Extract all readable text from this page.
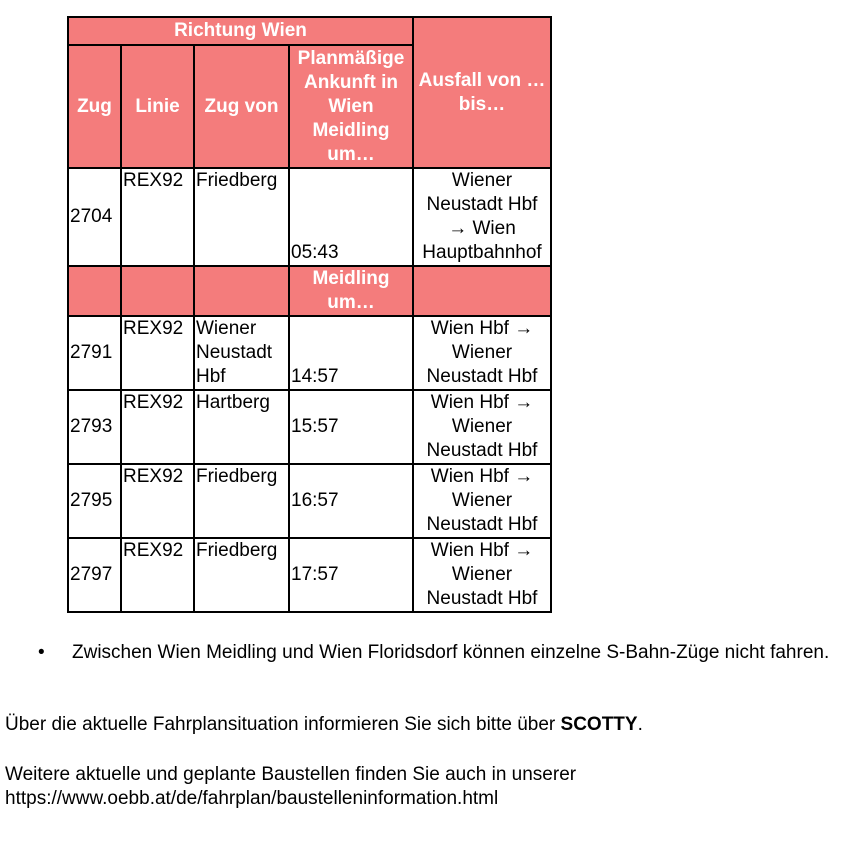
Richtung Wien				Ausfall von … bis…
Zug	Linie	Zug von	Planmäßige Ankunft in Wien Meidling um…	
2704	REX92	Friedberg	05:43	Wiener Neustadt Hbf → Wien Hauptbahnhof
			Meidling um…	
2791	REX92	Wiener Neustadt Hbf	14:57	Wien Hbf → Wiener Neustadt Hbf
2793	REX92	Hartberg	15:57	Wien Hbf → Wiener Neustadt Hbf
2795	REX92	Friedberg	16:57	Wien Hbf → Wiener Neustadt Hbf
2797	REX92	Friedberg	17:57	Wien Hbf → Wiener Neustadt Hbf
• Zwischen Wien Meidling und Wien Floridsdorf können einzelne S-Bahn-Züge nicht fahren.

Über die aktuelle Fahrplansituation informieren Sie sich bitte über SCOTTY.

Weitere aktuelle und geplante Baustellen finden Sie auch in unserer
https://www.oebb.at/de/fahrplan/baustelleninformation.html
